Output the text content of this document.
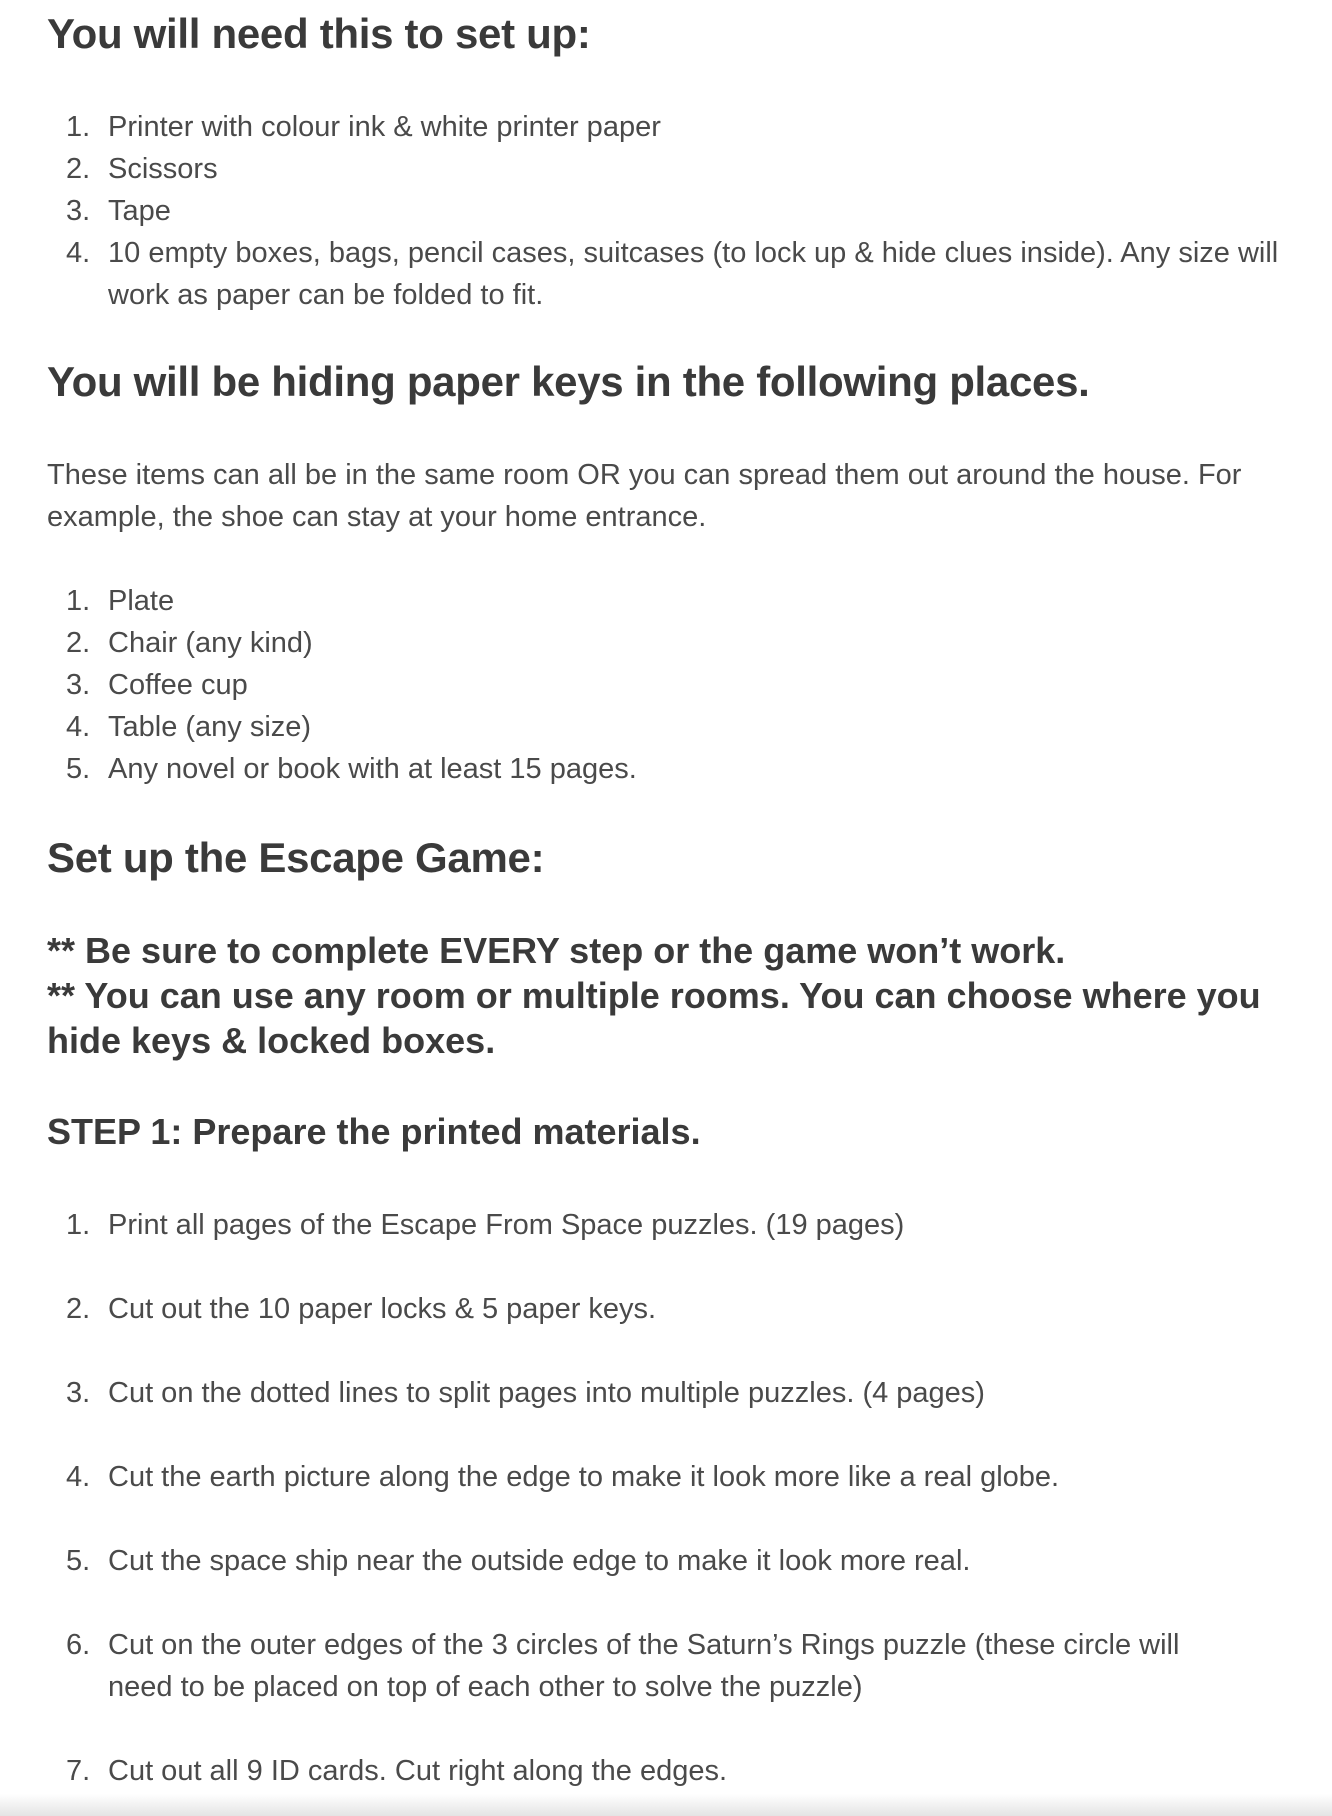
You will need this to set up:
1. Printer with colour ink & white printer paper
2. Scissors
3. Tape
4. 10 empty boxes, bags, pencil cases, suitcases (to lock up & hide clues inside). Any size will work as paper can be folded to fit.
You will be hiding paper keys in the following places.

These items can all be in the same room OR you can spread them out around the house. For example, the shoe can stay at your home entrance.

1. Plate
2. Chair (any kind)
3. Coffee cup
4. Table (any size)
5. Any novel or book with at least 15 pages.
Set up the Escape Game:

** Be sure to complete EVERY step or the game won’t work.

** You can use any room or multiple rooms. You can choose where you hide keys & locked boxes.

STEP 1: Prepare the printed materials.
1. Print all pages of the Escape From Space puzzles. (19 pages)
2. Cut out the 10 paper locks & 5 paper keys.
3. Cut on the dotted lines to split pages into multiple puzzles. (4 pages)
4. Cut the earth picture along the edge to make it look more like a real globe.
5. Cut the space ship near the outside edge to make it look more real.
6. Cut on the outer edges of the 3 circles of the Saturn’s Rings puzzle (these circle will need to be placed on top of each other to solve the puzzle)
7. Cut out all 9 ID cards. Cut right along the edges.
